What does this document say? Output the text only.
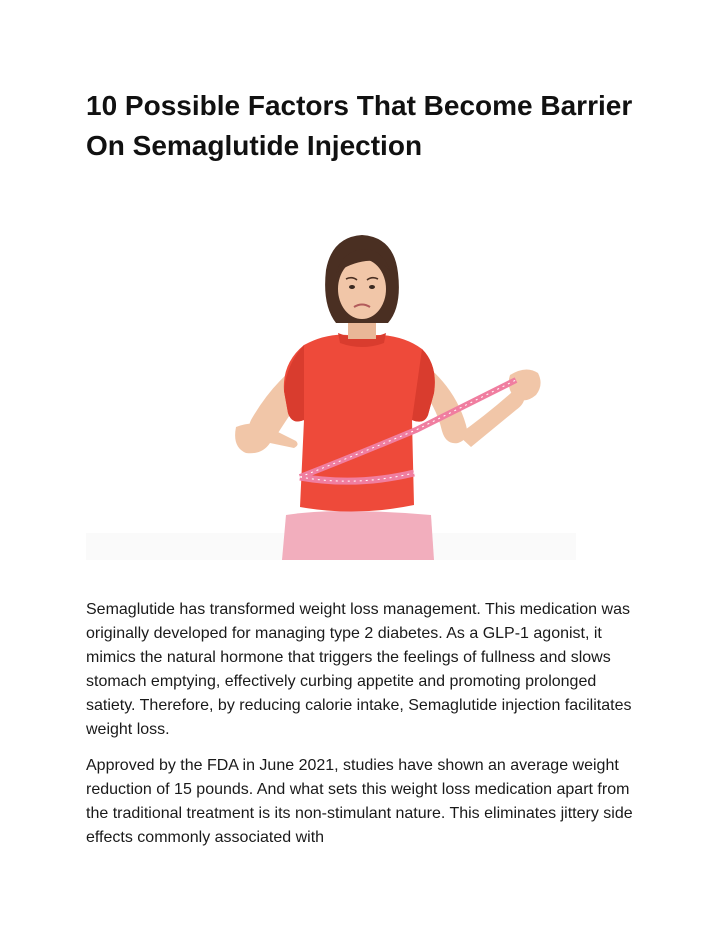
10 Possible Factors That Become Barrier On Semaglutide Injection

Semaglutide has transformed weight loss management. This medication was originally developed for managing type 2 diabetes. As a GLP-1 agonist, it mimics the natural hormone that triggers the feelings of fullness and slows stomach emptying, effectively curbing appetite and promoting prolonged satiety. Therefore, by reducing calorie intake, Semaglutide injection facilitates weight loss.

Approved by the FDA in June 2021, studies have shown an average weight reduction of 15 pounds. And what sets this weight loss medication apart from the traditional treatment is its non-stimulant nature. This eliminates jittery side effects commonly associated with
